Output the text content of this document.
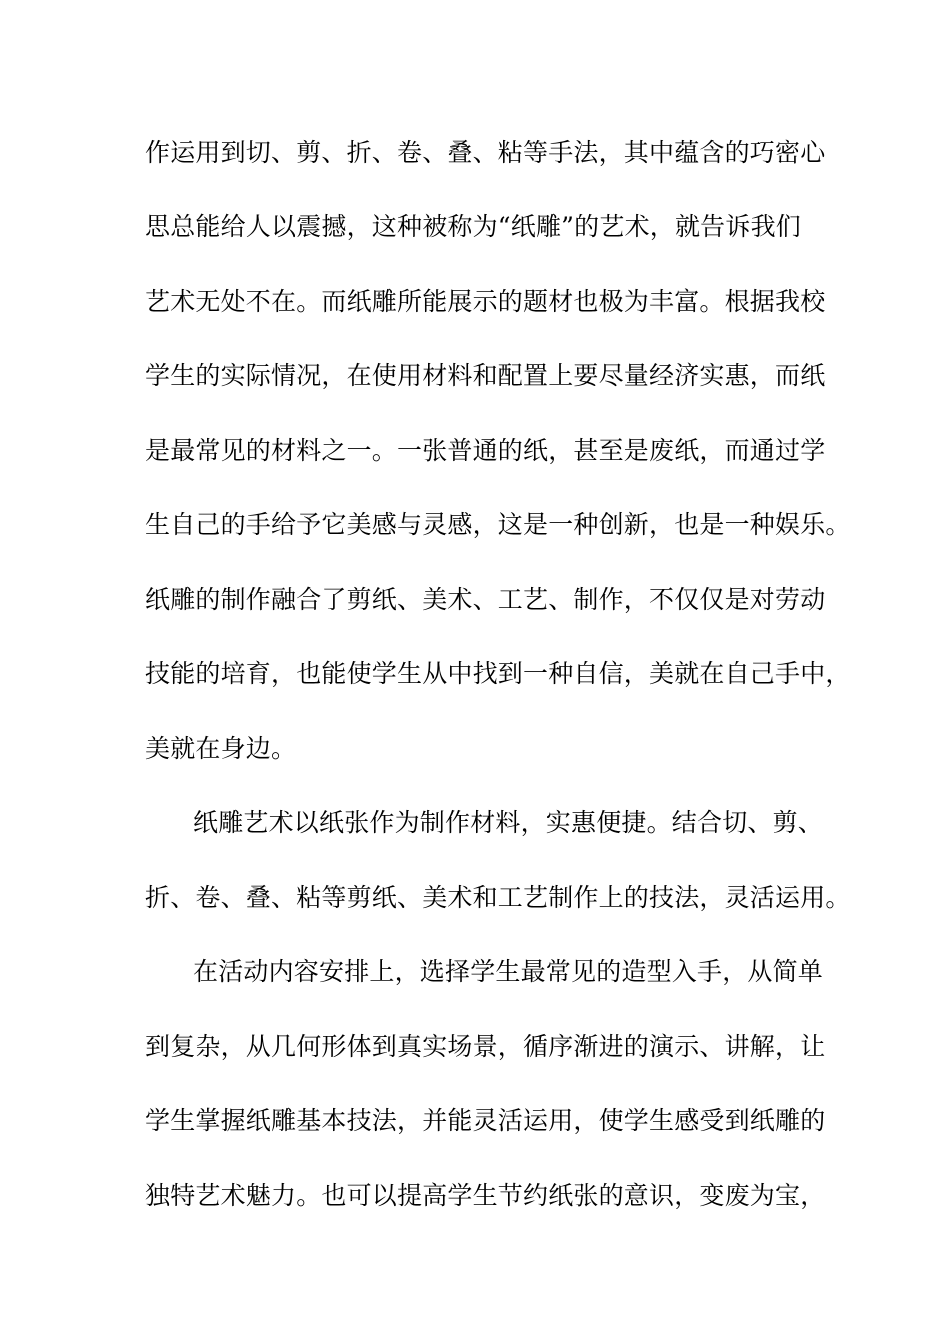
作运用到切、剪、折、卷、叠、粘等手法，其中蕴含的巧密心
思总能给人以震撼，这种被称为“纸雕”的艺术，就告诉我们
艺术无处不在。而纸雕所能展示的题材也极为丰富。根据我校
学生的实际情况，在使用材料和配置上要尽量经济实惠，而纸
是最常见的材料之一。一张普通的纸，甚至是废纸，而通过学
生自己的手给予它美感与灵感，这是一种创新，也是一种娱乐。
纸雕的制作融合了剪纸、美术、工艺、制作，不仅仅是对劳动
技能的培育，也能使学生从中找到一种自信，美就在自己手中，
美就在身边。
纸雕艺术以纸张作为制作材料，实惠便捷。结合切、剪、
折、卷、叠、粘等剪纸、美术和工艺制作上的技法，灵活运用。
在活动内容安排上，选择学生最常见的造型入手，从简单
到复杂，从几何形体到真实场景，循序渐进的演示、讲解，让
学生掌握纸雕基本技法，并能灵活运用，使学生感受到纸雕的
独特艺术魅力。也可以提高学生节约纸张的意识，变废为宝，
